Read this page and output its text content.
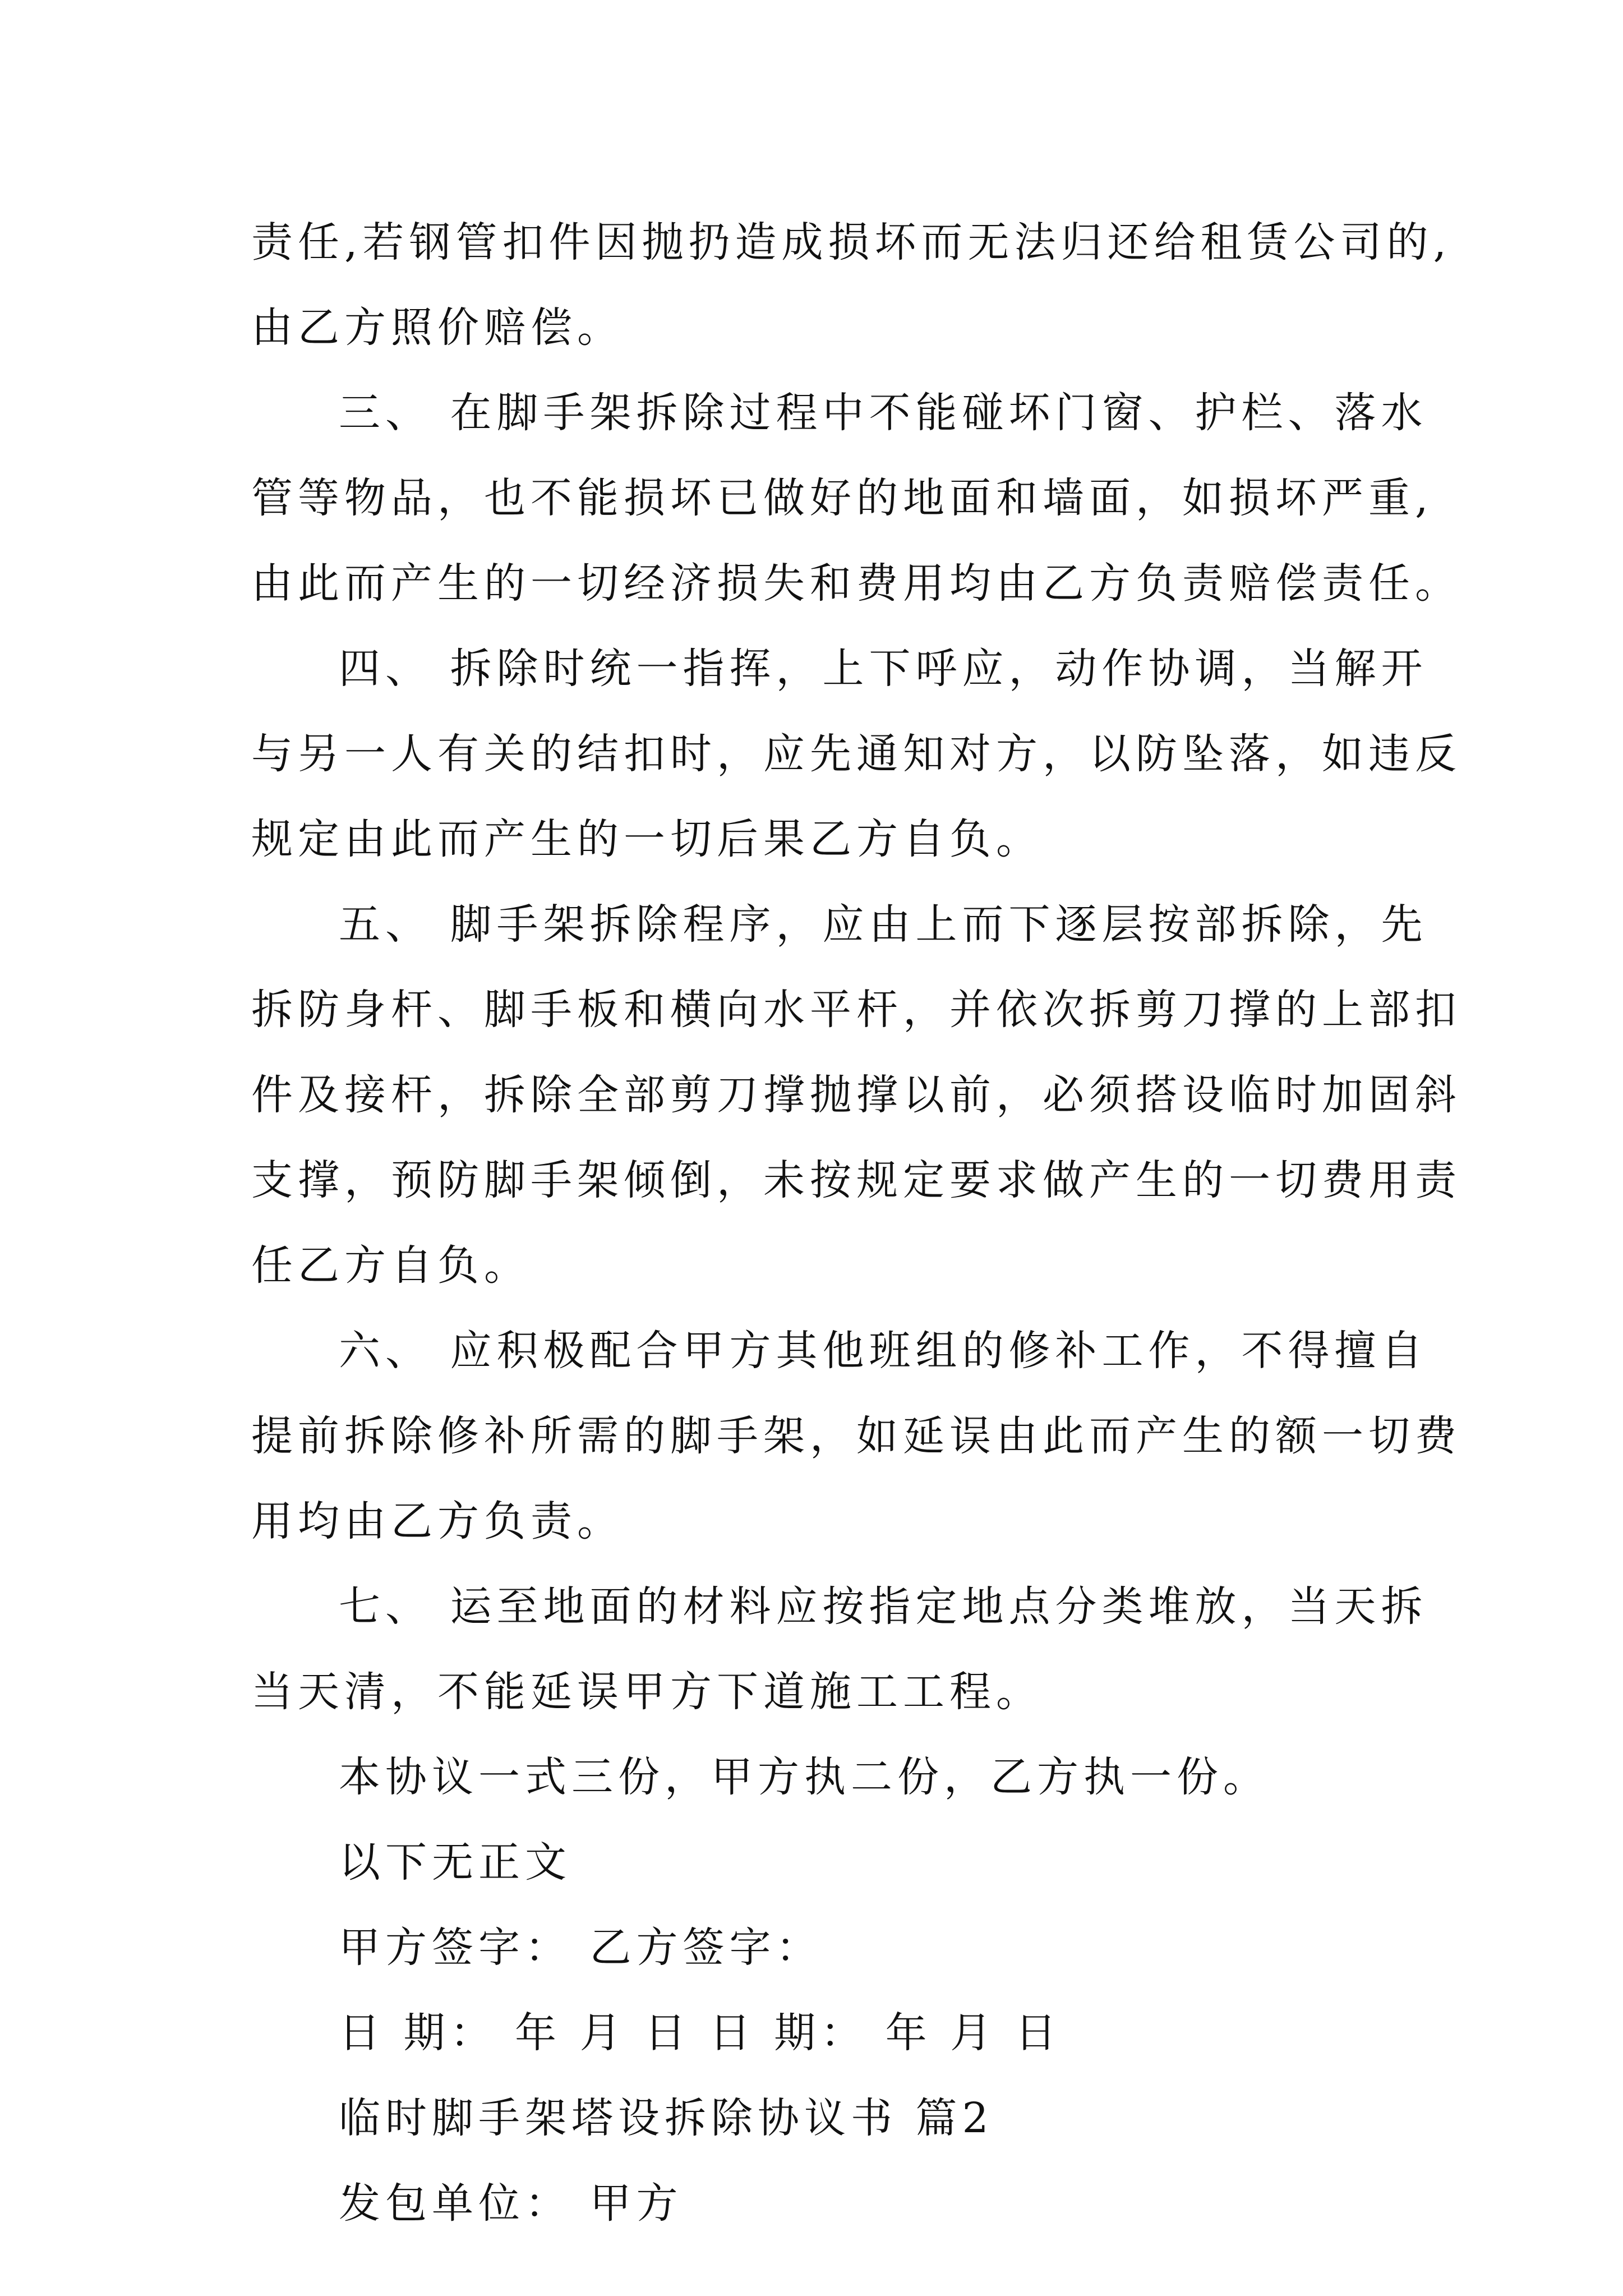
责任,若钢管扣件因抛扔造成损坏而无法归还给租赁公司的,
由乙方照价赔偿。
三、 在脚手架拆除过程中不能碰坏门窗、护栏、落水
管等物品，也不能损坏已做好的地面和墙面，如损坏严重,
由此而产生的一切经济损失和费用均由乙方负责赔偿责任。
四、 拆除时统一指挥，上下呼应，动作协调，当解开
与另一人有关的结扣时，应先通知对方，以防坠落，如违反
规定由此而产生的一切后果乙方自负。
五、 脚手架拆除程序，应由上而下逐层按部拆除，先
拆防身杆、脚手板和横向水平杆，并依次拆剪刀撑的上部扣
件及接杆，拆除全部剪刀撑抛撑以前，必须搭设临时加固斜
支撑，预防脚手架倾倒，未按规定要求做产生的一切费用责
任乙方自负。
六、 应积极配合甲方其他班组的修补工作，不得擅自
提前拆除修补所需的脚手架，如延误由此而产生的额一切费
用均由乙方负责。
七、 运至地面的材料应按指定地点分类堆放，当天拆
当天清，不能延误甲方下道施工工程。
本协议一式三份，甲方执二份，乙方执一份。
以下无正文
甲方签字： 乙方签字：
日 期： 年 月 日 日 期： 年 月 日
临时脚手架塔设拆除协议书 篇2
发包单位： 甲方
